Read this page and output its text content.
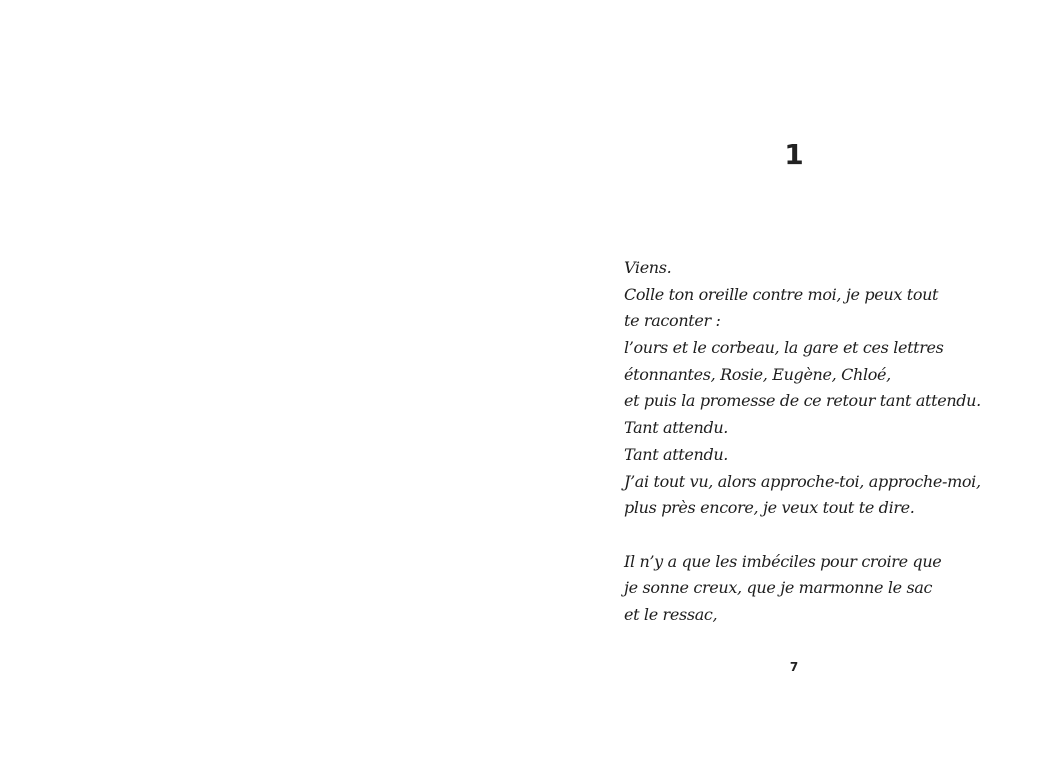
1
Viens.
Colle ton oreille contre moi, je peux tout
te raconter :
l’ours et le corbeau, la gare et ces lettres
étonnantes, Rosie, Eugène, Chloé,
et puis la promesse de ce retour tant attendu.
Tant attendu.
Tant attendu.
J’ai tout vu, alors approche-toi, approche-moi,
plus près encore, je veux tout te dire.
Il n’y a que les imbéciles pour croire que
je sonne creux, que je marmonne le sac
et le ressac,
7
